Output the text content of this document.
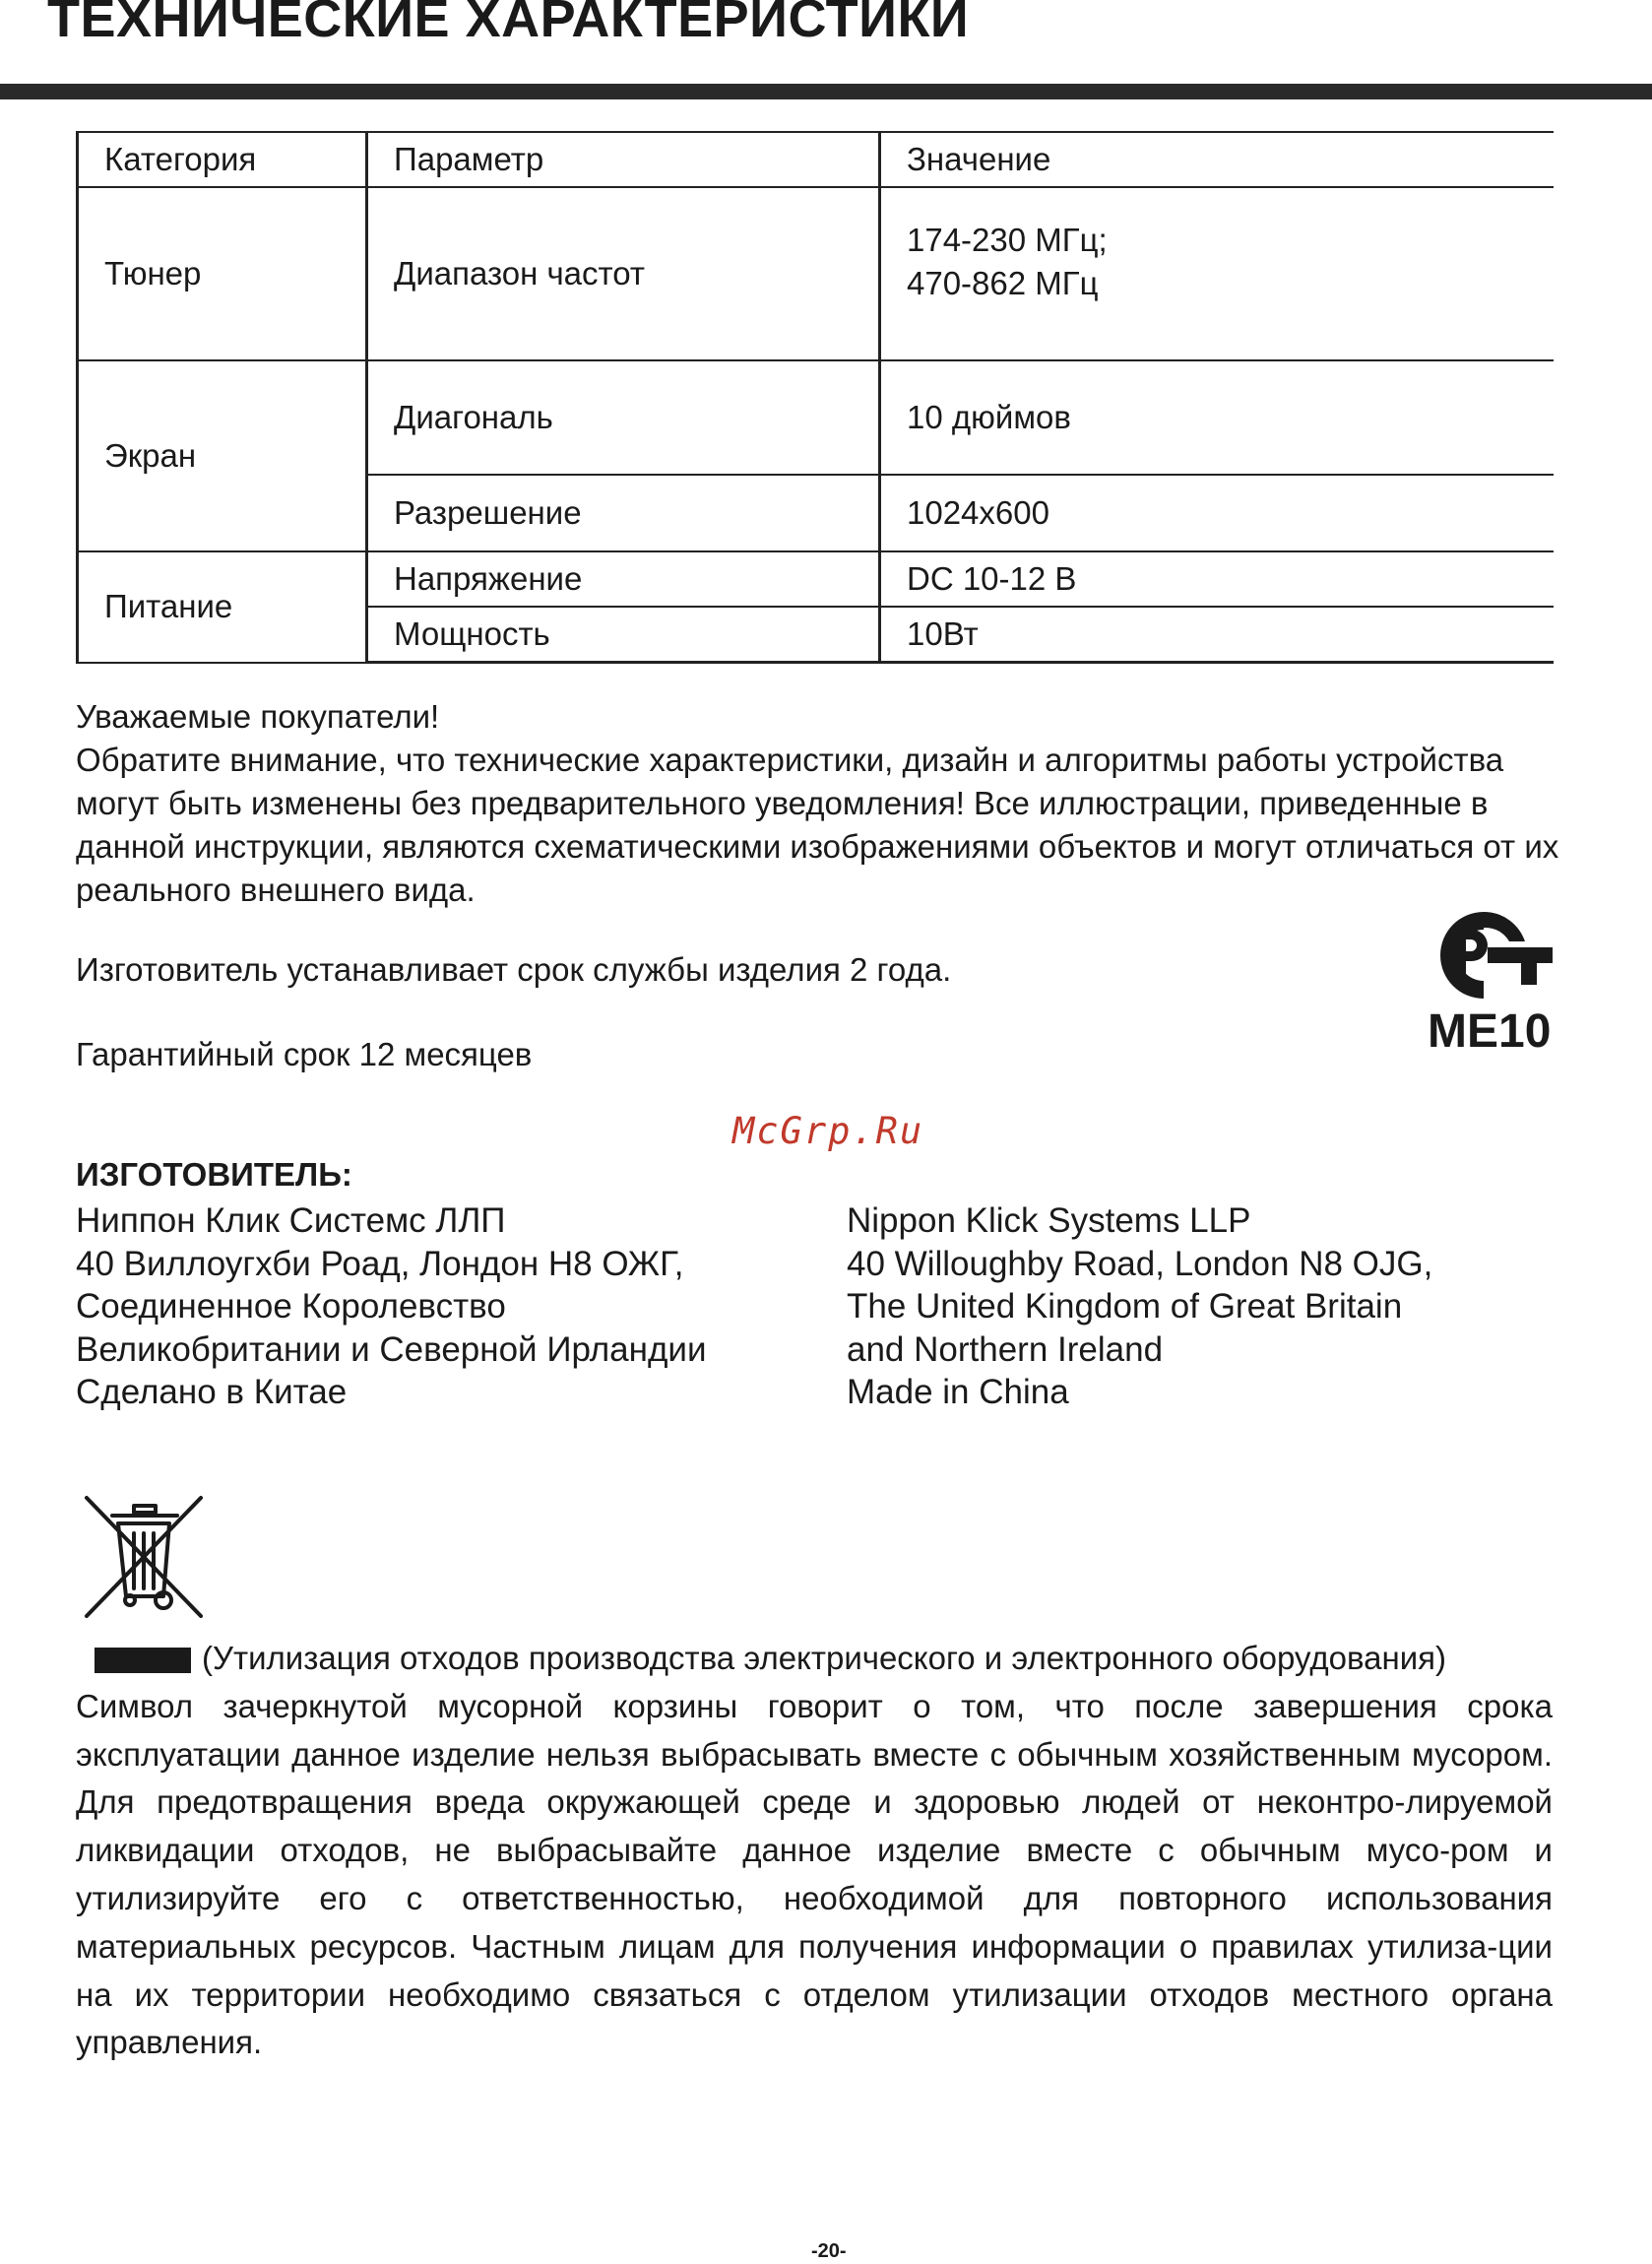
ТЕХНИЧЕСКИЕ ХАРАКТЕРИСТИКИ
Категория	Параметр	Значение
Тюнер	Диапазон частот	174-230 МГц;
470-862 МГц

Экран	Диагональ	10 дюймов
	Разрешение	1024x600
Питание	Напряжение	DC 10-12 В
	Мощность	10Вт

Уважаемые покупатели!

Обратите внимание, что технические характеристики, дизайн и алгоритмы работы устройства могут быть изменены без предварительного уведомления! Все иллюстрации, приведенные в данной инструкции, являются схематическими изображениями объектов и могут отличаться от их реального внешнего вида.

Изготовитель устанавливает срок службы изделия 2 года.
Гарантийный срок 12 месяцев	ME10
McGrp.Ru
ИЗГОТОВИТЕЛЬ:
Ниппон Клик Системс ЛЛП
40 Виллоугхби Роад, Лондон Н8 ОЖГ,
Соединенное Королевство
Великобритании и Северной Ирландии
Сделано в Китае
Nippon Klick Systems LLP
40 Willoughby Road, London N8 OJG,
The United Kingdom of Great Britain
and Northern Ireland
Made in China
(Утилизация отходов производства электрического и электронного оборудования)
Символ зачеркнутой мусорной корзины говорит о том, что после завершения срока эксплуатации данное изделие нельзя выбрасывать вместе с обычным хозяйственным мусором. Для предотвращения вреда окружающей среде и здоровью людей от неконтро-лируемой ликвидации отходов, не выбрасывайте данное изделие вместе с обычным мусо-ром и утилизируйте его с ответственностью, необходимой для повторного использования материальных ресурсов. Частным лицам для получения информации о правилах утилиза-ции на их территории необходимо связаться с отделом утилизации отходов местного органа управления.
-20-
